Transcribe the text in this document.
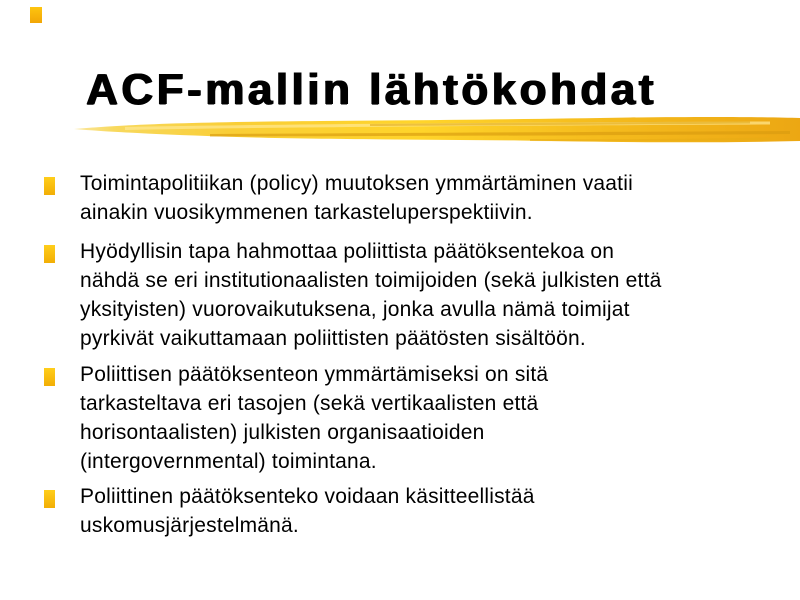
ACF-mallin lähtökohdat
Toimintapolitiikan (policy) muutoksen ymmärtäminen vaatii
ainakin vuosikymmenen tarkasteluperspektiivin.
Hyödyllisin tapa hahmottaa poliittista päätöksentekoa on
nähdä se eri institutionaalisten toimijoiden (sekä julkisten että
yksityisten) vuorovaikutuksena, jonka avulla nämä toimijat
pyrkivät vaikuttamaan poliittisten päätösten sisältöön.
Poliittisen päätöksenteon ymmärtämiseksi on sitä
tarkasteltava eri tasojen (sekä vertikaalisten että
horisontaalisten) julkisten organisaatioiden
(intergovernmental) toimintana.
Poliittinen päätöksenteko voidaan käsitteellistää
uskomusjärjestelmänä.
